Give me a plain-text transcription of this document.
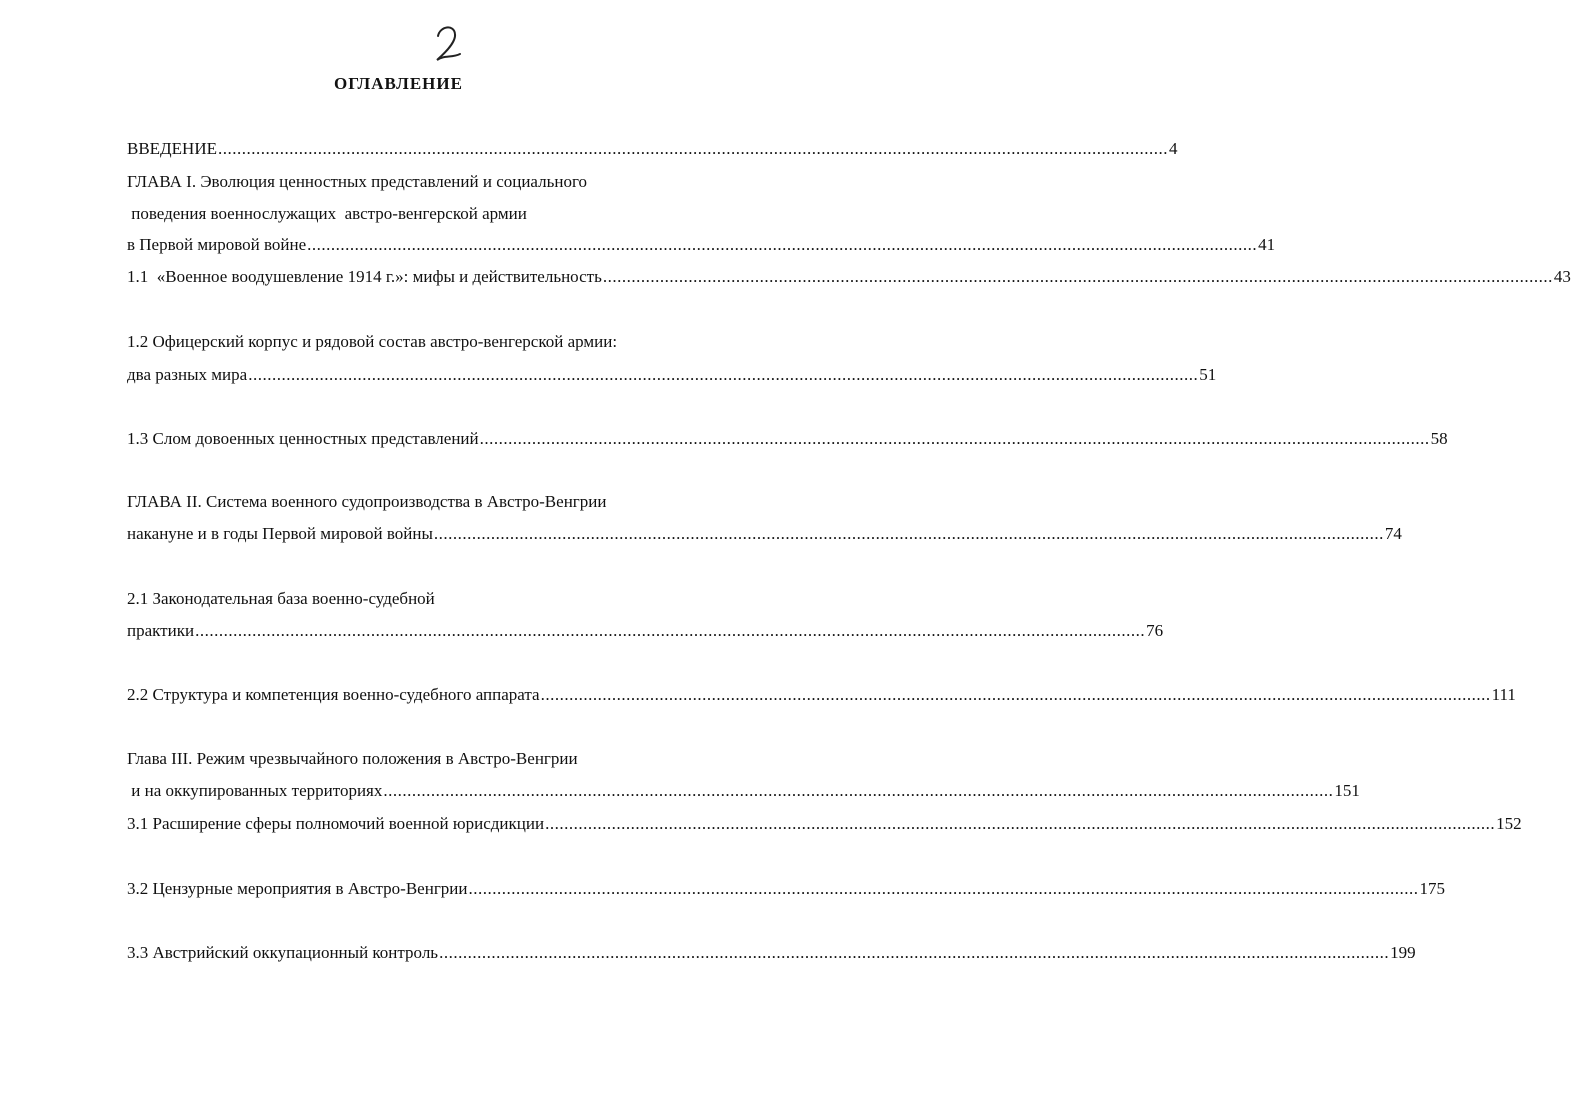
ОГЛАВЛЕНИЕ
ВВЕДЕНИЕ ........................................................................................................................................................................................................ 4
ГЛАВА I. Эволюция ценностных представлений и социального
поведения военнослужащих  австро-венгерской армии
в Первой мировой войне ........................................................................................................................................................................................................ 41
1.1  «Военное воодушевление 1914 г.»: мифы и действительность ........................................................................................................................................................................................................ 43
1.2 Офицерский корпус и рядовой состав австро-венгерской армии:
два разных мира ........................................................................................................................................................................................................ 51
1.3 Слом довоенных ценностных представлений ........................................................................................................................................................................................................ 58
ГЛАВА II. Система военного судопроизводства в Австро-Венгрии
накануне и в годы Первой мировой войны ........................................................................................................................................................................................................ 74
2.1 Законодательная база военно-судебной
практики ........................................................................................................................................................................................................ 76
2.2 Структура и компетенция военно-судебного аппарата ........................................................................................................................................................................................................ 111
Глава III. Режим чрезвычайного положения в Австро-Венгрии
и на оккупированных территориях ........................................................................................................................................................................................................ 151
3.1 Расширение сферы полномочий военной юрисдикции ........................................................................................................................................................................................................ 152
3.2 Цензурные мероприятия в Австро-Венгрии ........................................................................................................................................................................................................ 175
3.3 Австрийский оккупационный контроль ........................................................................................................................................................................................................ 199
